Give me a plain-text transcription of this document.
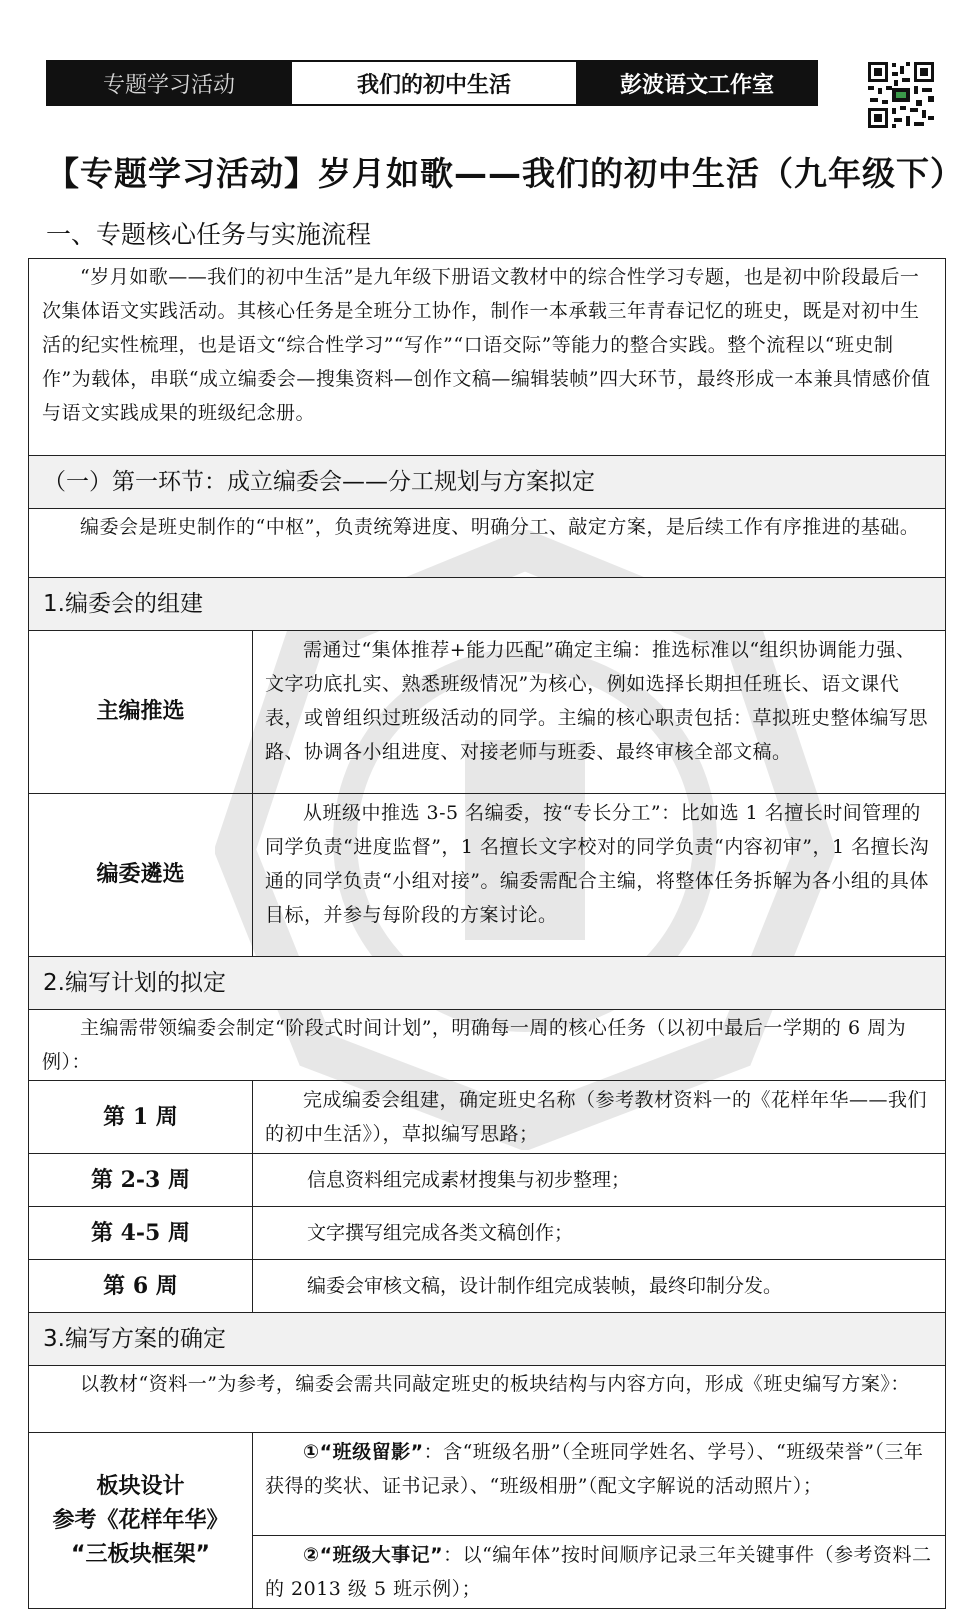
专题学习活动	我们的初中生活	彭波语文工作室
【专题学习活动】岁月如歌——我们的初中生活（九年级下）
一、专题核心任务与实施流程
“岁月如歌——我们的初中生活”是九年级下册语文教材中的综合性学习专题，也是初中阶段最后一次集体语文实践活动。其核心任务是全班分工协作，制作一本承载三年青春记忆的班史，既是对初中生活的纪实性梳理，也是语文“综合性学习”“写作”“口语交际”等能力的整合实践。整个流程以“班史制作”为载体，串联“成立编委会—搜集资料—创作文稿—编辑装帧”四大环节，最终形成一本兼具情感价值与语文实践成果的班级纪念册。	

（一）第一环节：成立编委会——分工规划与方案拟定	

编委会是班史制作的“中枢”，负责统筹进度、明确分工、敲定方案，是后续工作有序推进的基础。	

1.编委会的组建	
主编推选	需通过“集体推荐+能力匹配”确定主编：推选标准以“组织协调能力强、文字功底扎实、熟悉班级情况”为核心，例如选择长期担任班长、语文课代表，或曾组织过班级活动的同学。主编的核心职责包括：草拟班史整体编写思路、协调各小组进度、对接老师与班委、最终审核全部文稿。
编委遴选	从班级中推选 3-5 名编委，按“专长分工”：比如选 1 名擅长时间管理的同学负责“进度监督”，1 名擅长文字校对的同学负责“内容初审”，1 名擅长沟通的同学负责“小组对接”。编委需配合主编，将整体任务拆解为各小组的具体目标，并参与每阶段的方案讨论。
2.编写计划的拟定	

主编需带领编委会制定“阶段式时间计划”，明确每一周的核心任务（以初中最后一学期的 6 周为例）：	

第 1 周	完成编委会组建，确定班史名称（参考教材资料一的《花样年华——我们的初中生活》），草拟编写思路；
第 2-3 周	信息资料组完成素材搜集与初步整理；
第 4-5 周	文字撰写组完成各类文稿创作；
第 6 周	编委会审核文稿，设计制作组完成装帧，最终印制分发。
3.编写方案的确定	

以教材“资料一”为参考，编委会需共同敲定班史的板块结构与内容方向，形成《班史编写方案》：	

板块设计
参考《花样年华》
“三板块框架”	①“班级留影”：含“班级名册”（全班同学姓名、学号）、“班级荣誉”（三年获得的奖状、证书记录）、“班级相册”（配文字解说的活动照片）；
	②“班级大事记”：以“编年体”按时间顺序记录三年关键事件（参考资料二的 2013 级 5 班示例）；
